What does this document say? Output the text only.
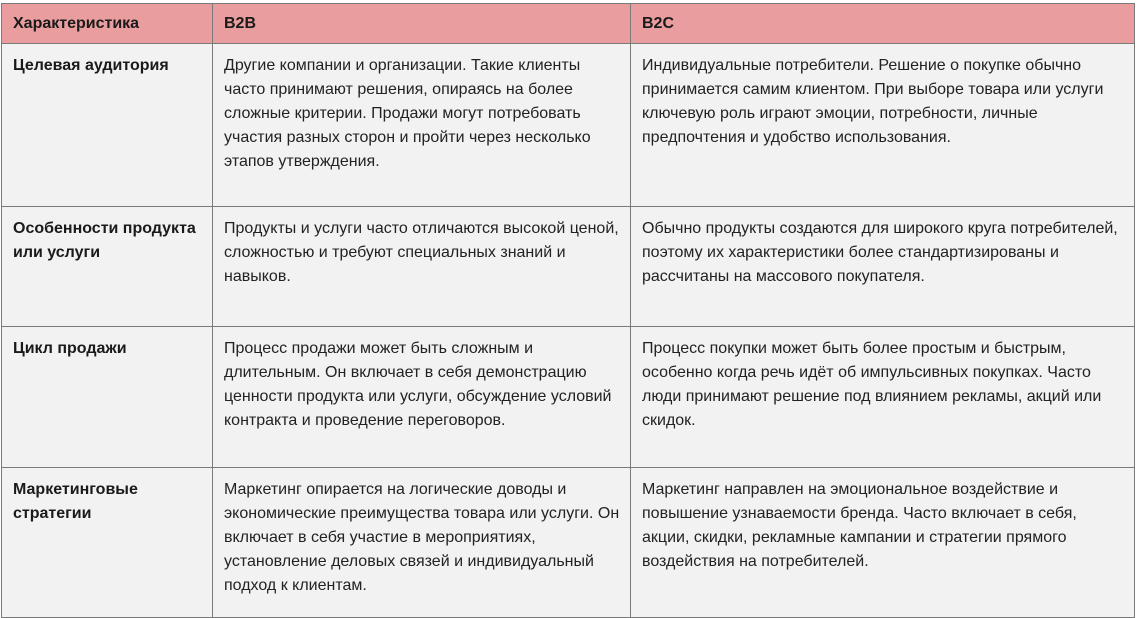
Характеристика	B2B	B2C
Целевая аудитория	Другие компании и организации. Такие клиенты часто принимают решения, опираясь на более сложные критерии. Продажи могут потребовать участия разных сторон и пройти через несколько этапов утверждения.	Индивидуальные потребители. Решение о покупке обычно принимается самим клиентом. При выборе товара или услуги ключевую роль играют эмоции, потребности, личные предпочтения и удобство использования.
Особенности продукта или услуги	Продукты и услуги часто отличаются высокой ценой, сложностью и требуют специальных знаний и навыков.	Обычно продукты создаются для широкого круга потребителей, поэтому их характеристики более стандартизированы и рассчитаны на массового покупателя.
Цикл продажи	Процесс продажи может быть сложным и длительным. Он включает в себя демонстрацию ценности продукта или услуги, обсуждение условий контракта и проведение переговоров.	Процесс покупки может быть более простым и быстрым, особенно когда речь идёт об импульсивных покупках. Часто люди принимают решение под влиянием рекламы, акций или скидок.
Маркетинговые стратегии	Маркетинг опирается на логические доводы и экономические преимущества товара или услуги. Он включает в себя участие в мероприятиях, установление деловых связей и индивидуальный подход к клиентам.	Маркетинг направлен на эмоциональное воздействие и повышение узнаваемости бренда. Часто включает в себя, акции, скидки, рекламные кампании и стратегии прямого воздействия на потребителей.
